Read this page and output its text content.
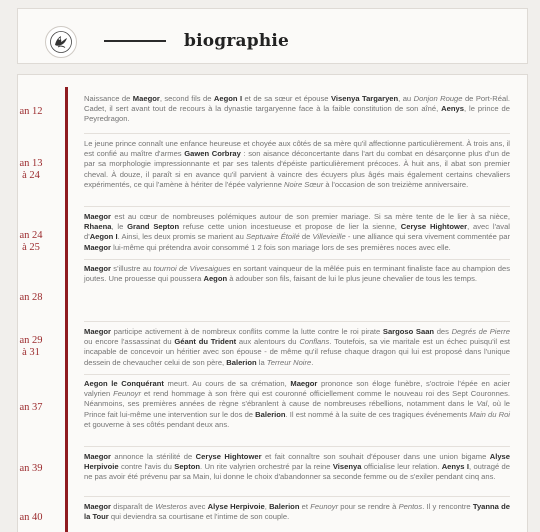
biographie
an 12
Naissance de Maegor, second fils de Aegon I et de sa sœur et épouse Visenya Targaryen, au Donjon Rouge de Port-Réal. Cadet, il sert avant tout de recours à la dynastie targaryenne face à la faible constitution de son aîné, Aenys, le prince de Peyredragon.
an 13
à 24
Le jeune prince connaît une enfance heureuse et choyée aux côtés de sa mère qu'il affectionne particulièrement. À trois ans, il est confié au maître d'armes Gawen Corbray : son aisance déconcertante dans l'art du combat en désarçonne plus d'un de par sa morphologie impressionnante et par ses talents d'épéiste particulièrement précoces. À huit ans, il abat son premier cheval. À douze, il paraît si en avance qu'il parvient à vaincre des écuyers plus âgés mais également certains chevaliers expérimentés, ce qui l'amène à hériter de l'épée valyrienne Noire Sœur à l'occasion de son treizième anniversaire.
an 24
à 25
Maegor est au cœur de nombreuses polémiques autour de son premier mariage. Si sa mère tente de le lier à sa nièce, Rhaena, le Grand Septon refuse cette union incestueuse et propose de lier la sienne, Ceryse Hightower, avec l'aval d'Aegon I. Ainsi, les deux promis se marient au Septuaire Étoilé de Villevieille - une alliance qui sera vivement commentée par Maegor lui-même qui prétendra avoir consommé 1 2 fois son mariage lors de ses premières noces avec elle.
an 28
Maegor s'illustre au tournoi de Vivesaigues en sortant vainqueur de la mêlée puis en terminant finaliste face au champion des joutes. Une prouesse qui poussera Aegon à adouber son fils, faisant de lui le plus jeune chevalier de tous les temps.
an 29
à 31
Maegor participe activement à de nombreux conflits comme la lutte contre le roi pirate Sargoso Saan des Degrés de Pierre ou encore l'assassinat du Géant du Trident aux alentours du Conflans. Toutefois, sa vie maritale est un échec puisqu'il est incapable de concevoir un héritier avec son épouse - de même qu'il refuse chaque dragon qui lui est proposé dans l'unique dessein de chevaucher celui de son père, Balerion la Terreur Noire.
an 37
Aegon le Conquérant meurt. Au cours de sa crémation, Maegor prononce son éloge funèbre, s'octroie l'épée en acier valyrien Feunoyr et rend hommage à son frère qui est couronné officiellement comme le nouveau roi des Sept Couronnes. Néanmoins, ses premières années de règne s'ébranlent à cause de nombreuses rébellions, notamment dans le Val, où le Prince fait lui-même une intervention sur le dos de Balerion. Il est nommé à la suite de ces tragiques événements Main du Roi et gouverne à ses côtés pendant deux ans.
an 39
Maegor annonce la stérilité de Ceryse Hightower et fait connaître son souhait d'épouser dans une union bigame Alyse Herpivoie contre l'avis du Septon. Un rite valyrien orchestré par la reine Visenya officialise leur relation. Aenys I, outragé de ne pas avoir été prévenu par sa Main, lui donne le choix d'abandonner sa seconde femme ou de s'exiler pendant cinq ans.
an 40
Maegor disparaît de Westeros avec Alyse Herpivoie, Balerion et Feunoyr pour se rendre à Pentos. Il y rencontre Tyanna de la Tour qui deviendra sa courtisane et l'intime de son couple.
